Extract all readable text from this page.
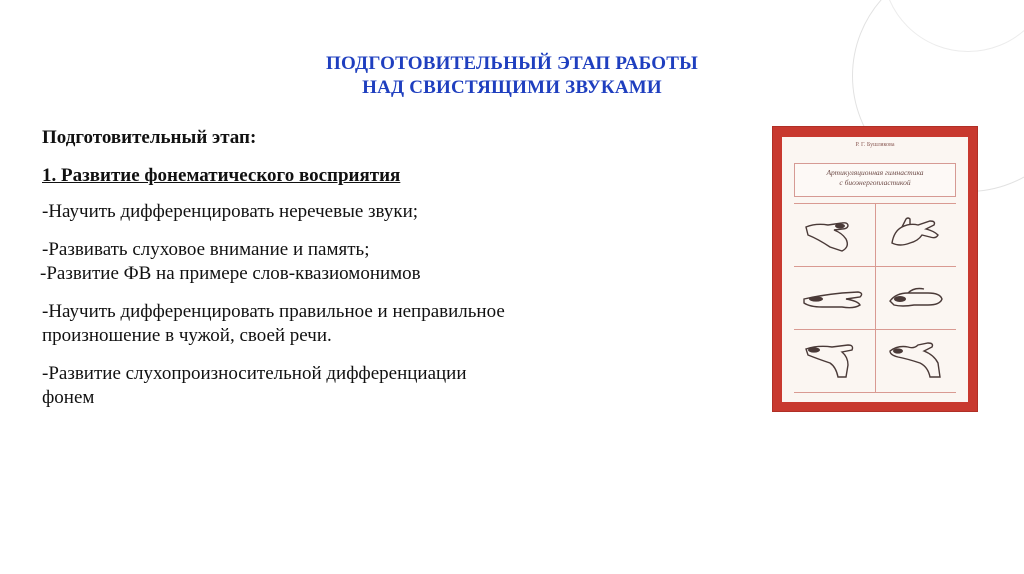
ПОДГОТОВИТЕЛЬНЫЙ ЭТАП РАБОТЫ
НАД СВИСТЯЩИМИ ЗВУКАМИ
Подготовительный этап:
1. Развитие фонематического восприятия
-Научить дифференцировать неречевые звуки;
-Развивать слуховое внимание и память;
-Развитие ФВ на примере слов-квазиомонимов
-Научить дифференцировать правильное и неправильное
произношение в чужой, своей речи.
-Развитие слухопроизносительной дифференциации
фонем
Р. Г. Бушлякова
Артикуляционная гимнастика
с биоэнергопластикой
